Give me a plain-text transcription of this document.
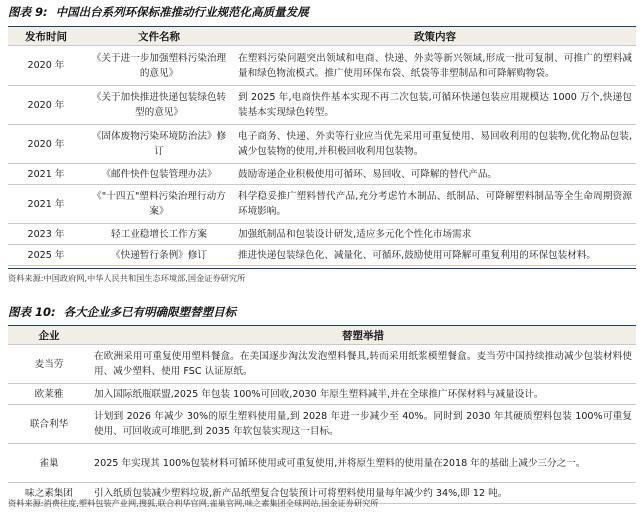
图表 9: 中国出台系列环保标准推动行业规范化高质量发展
发布时间	文件名称	政策内容
2020 年	《关于进一步加强塑料污染治理的意见》	在塑料污染问题突出领域和电商、快递、外卖等新兴领域,形成一批可复制、可推广的塑料减量和绿色物流模式。推广使用环保布袋、纸袋等非塑制品和可降解购物袋。
2020 年	《关于加快推进快递包装绿色转型的意见》	到 2025 年,电商快件基本实现不再二次包装,可循环快递包装应用规模达 1000 万个,快递包装基本实现绿色转型。
2020 年	《固体废物污染环境防治法》修订	电子商务、快递、外卖等行业应当优先采用可重复使用、易回收利用的包装物,优化物品包装,减少包装物的使用,并积极回收利用包装物。
2021 年	《邮件快件包装管理办法》	鼓励寄递企业积极使用可循环、易回收、可降解的替代产品。
2021 年	《"十四五"塑料污染治理行动方案》	科学稳妥推广塑料替代产品,充分考虑竹木制品、纸制品、可降解塑料制品等全生命周期资源环境影响。
2023 年	轻工业稳增长工作方案	加强纸制品和包装设计研发,适应多元化个性化市场需求
2025 年	《快递暂行条例》修订	推进快递包装绿色化、减量化、可循环,鼓励使用可降解可重复利用的环保包装材料。
资料来源:中国政府网,中华人民共和国生态环境部,国金证券研究所
图表 10: 各大企业多已有明确限塑替塑目标
企业	替塑举措
麦当劳	在欧洲采用可重复使用塑料餐盒。在美国逐步淘汰发泡塑料餐具,转而采用纸浆模塑餐盒。麦当劳中国持续推动减少包装材料使用、减少塑料、使用 FSC 认证原纸。
欧莱雅	加入国际纸瓶联盟,2025 年包装 100%可回收,2030 年原生塑料减半,并在全球推广环保材料与减量设计。
联合利华	计划到 2026 年减少 30%的原生塑料使用量,到 2028 年进一步减少至 40%。同时到 2030 年其硬质塑料包装 100%可重复使用、可回收或可堆肥,到 2035 年软包装实现这一目标。
雀巢	2025 年实现其 100%包装材料可循环使用或可重复使用,并将原生塑料的使用量在2018 年的基础上减少三分之一。
味之素集团	引入纸质包装减少塑料垃圾,新产品纸塑复合包装预计可将塑料使用量每年减少约 34%,即 12 吨。
资料来源:消费往度,塑料包装产业网,搜狐,联合利华官网,雀巢官网,味之素集团全球网站,国金证券研究所
